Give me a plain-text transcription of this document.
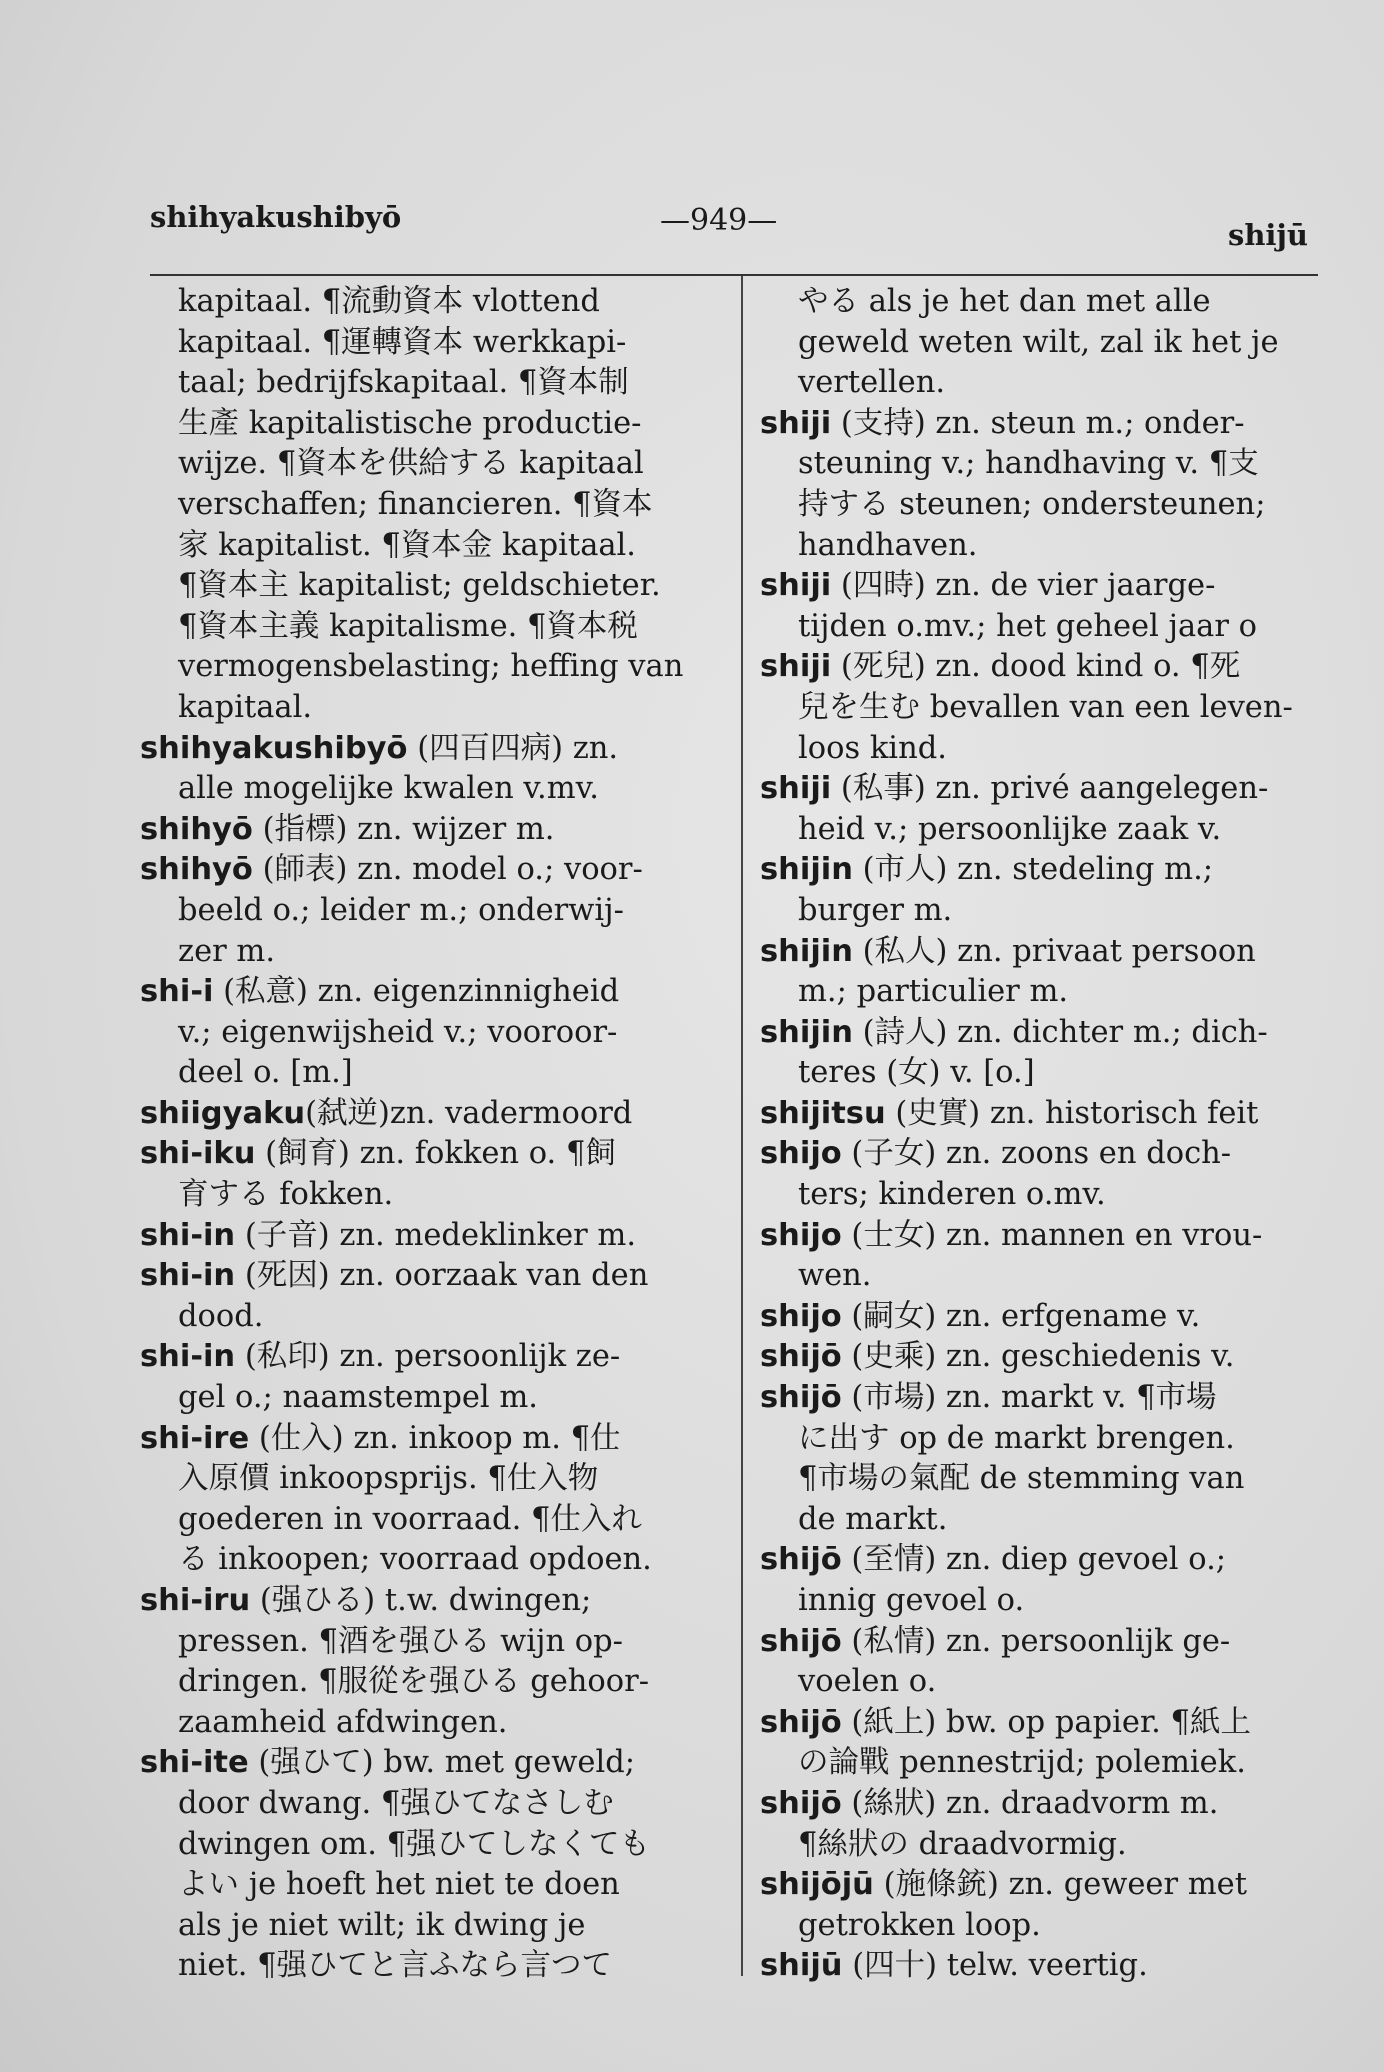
shihyakushibyō	—949—	shijū
kapitaal. ¶流動資本 vlottend
kapitaal. ¶運轉資本 werkkapi-
taal; bedrijfskapitaal. ¶資本制
生產 kapitalistische productie-
wijze. ¶資本を供給する kapitaal
verschaffen; financieren. ¶資本
家 kapitalist. ¶資本金 kapitaal.
¶資本主 kapitalist; geldschieter.
¶資本主義 kapitalisme. ¶資本税
vermogensbelasting; heffing van
kapitaal.
shihyakushibyō (四百四病) zn.
alle mogelijke kwalen v.mv.
shihyō (指標) zn. wijzer m.
shihyō (師表) zn. model o.; voor-
beeld o.; leider m.; onderwij-
zer m.
shi-i (私意) zn. eigenzinnigheid
v.; eigenwijsheid v.; vooroor-
deel o. [m.]
shiigyaku(弑逆)zn. vadermoord
shi-iku (飼育) zn. fokken o. ¶飼
育する fokken.
shi-in (子音) zn. medeklinker m.
shi-in (死因) zn. oorzaak van den
dood.
shi-in (私印) zn. persoonlijk ze-
gel o.; naamstempel m.
shi-ire (仕入) zn. inkoop m. ¶仕
入原價 inkoopsprijs. ¶仕入物
goederen in voorraad. ¶仕入れ
る inkoopen; voorraad opdoen.
shi-iru (强ひる) t.w. dwingen;
pressen. ¶酒を强ひる wijn op-
dringen. ¶服從を强ひる gehoor-
zaamheid afdwingen.
shi-ite (强ひて) bw. met geweld;
door dwang. ¶强ひてなさしむ
dwingen om. ¶强ひてしなくても
よい je hoeft het niet te doen
als je niet wilt; ik dwing je
niet. ¶强ひてと言ふなら言つて
やる als je het dan met alle
geweld weten wilt, zal ik het je
vertellen.
shiji (支持) zn. steun m.; onder-
steuning v.; handhaving v. ¶支
持する steunen; ondersteunen;
handhaven.
shiji (四時) zn. de vier jaarge-
tijden o.mv.; het geheel jaar o
shiji (死兒) zn. dood kind o. ¶死
兒を生む bevallen van een leven-
loos kind.
shiji (私事) zn. privé aangelegen-
heid v.; persoonlijke zaak v.
shijin (市人) zn. stedeling m.;
burger m.
shijin (私人) zn. privaat persoon
m.; particulier m.
shijin (詩人) zn. dichter m.; dich-
teres (女) v. [o.]
shijitsu (史實) zn. historisch feit
shijo (子女) zn. zoons en doch-
ters; kinderen o.mv.
shijo (士女) zn. mannen en vrou-
wen.
shijo (嗣女) zn. erfgename v.
shijō (史乘) zn. geschiedenis v.
shijō (市場) zn. markt v. ¶市場
に出す op de markt brengen.
¶市場の氣配 de stemming van
de markt.
shijō (至情) zn. diep gevoel o.;
innig gevoel o.
shijō (私情) zn. persoonlijk ge-
voelen o.
shijō (紙上) bw. op papier. ¶紙上
の論戰 pennestrijd; polemiek.
shijō (絲狀) zn. draadvorm m.
¶絲狀の draadvormig.
shijōjū (施條銃) zn. geweer met
getrokken loop.
shijū (四十) telw. veertig.
